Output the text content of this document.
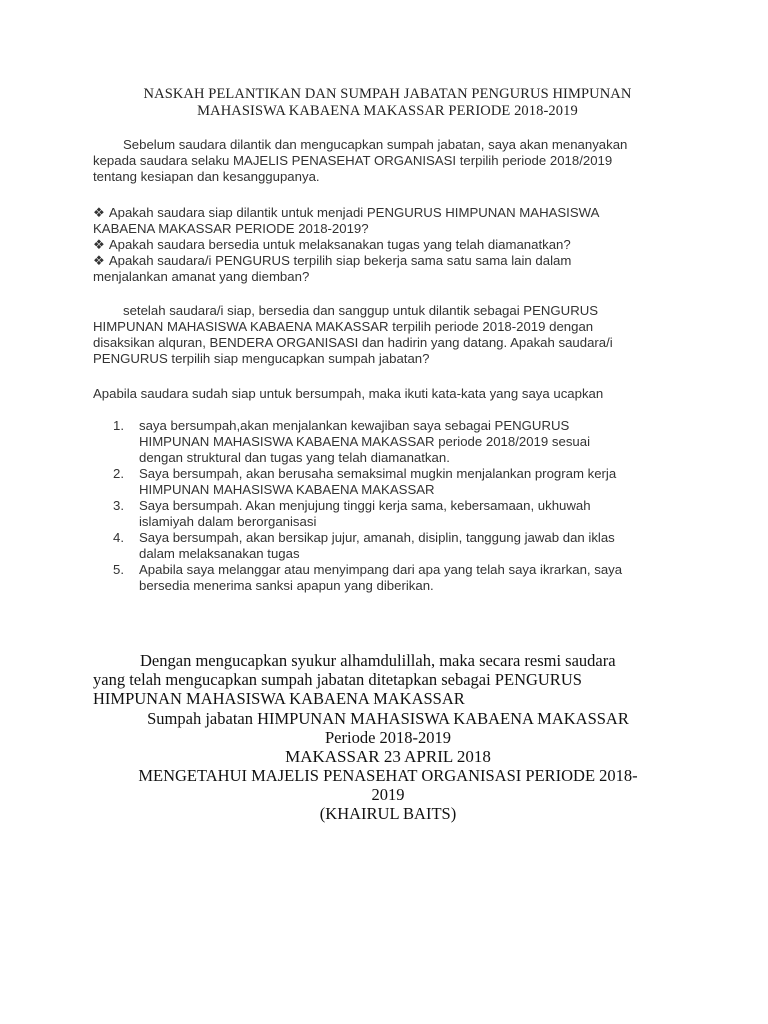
NASKAH PELANTIKAN DAN SUMPAH JABATAN PENGURUS HIMPUNAN
MAHASISWA KABAENA MAKASSAR PERIODE 2018-2019
Sebelum saudara dilantik dan mengucapkan sumpah jabatan, saya akan menanyakan
kepada saudara selaku MAJELIS PENASEHAT ORGANISASI terpilih periode 2018/2019
tentang kesiapan dan kesanggupanya.
❖ Apakah saudara siap dilantik untuk menjadi PENGURUS HIMPUNAN MAHASISWA
KABAENA MAKASSAR PERIODE 2018-2019?
❖ Apakah saudara bersedia untuk melaksanakan tugas yang telah diamanatkan?
❖ Apakah saudara/i PENGURUS terpilih siap bekerja sama satu sama lain dalam
menjalankan amanat yang diemban?
setelah saudara/i siap, bersedia dan sanggup untuk dilantik sebagai PENGURUS
HIMPUNAN MAHASISWA KABAENA MAKASSAR terpilih periode 2018-2019 dengan
disaksikan alquran, BENDERA ORGANISASI dan hadirin yang datang. Apakah saudara/i
PENGURUS terpilih siap mengucapkan sumpah jabatan?
Apabila saudara sudah siap untuk bersumpah, maka ikuti kata-kata yang saya ucapkan
1. saya bersumpah,akan menjalankan kewajiban saya sebagai PENGURUS
HIMPUNAN MAHASISWA KABAENA MAKASSAR periode 2018/2019 sesuai
dengan struktural dan tugas yang telah diamanatkan.
2. Saya bersumpah, akan berusaha semaksimal mugkin menjalankan program kerja
HIMPUNAN MAHASISWA KABAENA MAKASSAR
3. Saya bersumpah. Akan menjujung tinggi kerja sama, kebersamaan, ukhuwah
islamiyah dalam berorganisasi
4. Saya bersumpah, akan bersikap jujur, amanah, disiplin, tanggung jawab dan iklas
dalam melaksanakan tugas
5. Apabila saya melanggar atau menyimpang dari apa yang telah saya ikrarkan, saya
bersedia menerima sanksi apapun yang diberikan.
Dengan mengucapkan syukur alhamdulillah, maka secara resmi saudara
yang telah mengucapkan sumpah jabatan ditetapkan sebagai PENGURUS
HIMPUNAN MAHASISWA KABAENA MAKASSAR
Sumpah jabatan HIMPUNAN MAHASISWA KABAENA MAKASSAR
Periode 2018-2019
MAKASSAR 23 APRIL 2018
MENGETAHUI MAJELIS PENASEHAT ORGANISASI PERIODE 2018-
2019
(KHAIRUL BAITS)
